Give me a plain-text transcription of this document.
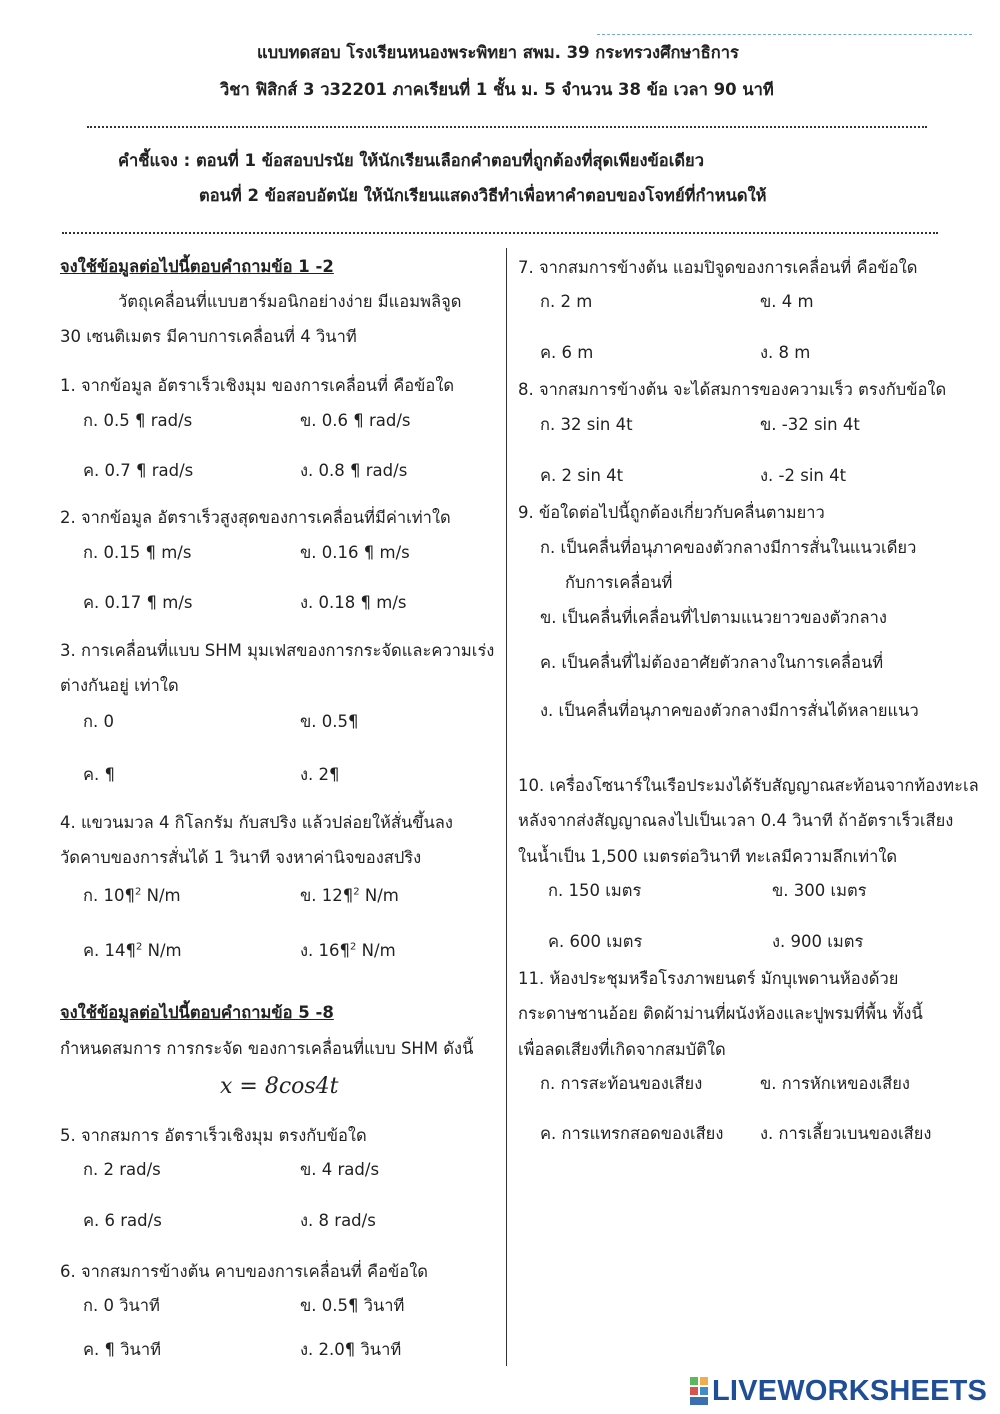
แบบทดสอบ โรงเรียนหนองพระพิทยา สพม. 39 กระทรวงศึกษาธิการ
วิชา ฟิสิกส์ 3 ว32201 ภาคเรียนที่ 1 ชั้น ม. 5 จำนวน 38 ข้อ เวลา 90 นาที
คำชี้แจง : ตอนที่ 1 ข้อสอบปรนัย ให้นักเรียนเลือกคำตอบที่ถูกต้องที่สุดเพียงข้อเดียว
ตอนที่ 2 ข้อสอบอัตนัย ให้นักเรียนแสดงวิธีทำเพื่อหาคำตอบของโจทย์ที่กำหนดให้
จงใช้ข้อมูลต่อไปนี้ตอบคำถามข้อ 1 -2
วัตถุเคลื่อนที่แบบฮาร์มอนิกอย่างง่าย มีแอมพลิจูด
30 เซนติเมตร มีคาบการเคลื่อนที่ 4 วินาที
1. จากข้อมูล อัตราเร็วเชิงมุม ของการเคลื่อนที่ คือข้อใด
ก. 0.5 ¶ rad/s	ข. 0.6 ¶ rad/s
ค. 0.7 ¶ rad/s	ง. 0.8 ¶ rad/s
2. จากข้อมูล อัตราเร็วสูงสุดของการเคลื่อนที่มีค่าเท่าใด
ก. 0.15 ¶ m/s	ข. 0.16 ¶ m/s
ค. 0.17 ¶ m/s	ง. 0.18 ¶ m/s
3. การเคลื่อนที่แบบ SHM มุมเฟสของการกระจัดและความเร่ง
ต่างกันอยู่ เท่าใด
ก. 0	ข. 0.5¶
ค. ¶	ง. 2¶
4. แขวนมวล 4 กิโลกรัม กับสปริง แล้วปล่อยให้สั่นขึ้นลง
วัดคาบของการสั่นได้ 1 วินาที จงหาค่านิจของสปริง
ก. 10¶$^2$ N/m	ข. 12¶$^2$ N/m
ค. 14¶$^2$ N/m	ง. 16¶$^2$ N/m
จงใช้ข้อมูลต่อไปนี้ตอบคำถามข้อ 5 -8
กำหนดสมการ การกระจัด ของการเคลื่อนที่แบบ SHM ดังนี้
x = 8cos4t
5. จากสมการ อัตราเร็วเชิงมุม ตรงกับข้อใด
ก. 2 rad/s	ข. 4 rad/s
ค. 6 rad/s	ง. 8 rad/s
6. จากสมการข้างต้น คาบของการเคลื่อนที่ คือข้อใด
ก. 0 วินาที	ข. 0.5¶ วินาที
ค. ¶ วินาที	ง. 2.0¶ วินาที
7. จากสมการข้างต้น แอมปิจูดของการเคลื่อนที่ คือข้อใด
ก. 2 m	ข. 4 m
ค. 6 m	ง. 8 m
8. จากสมการข้างต้น จะได้สมการของความเร็ว ตรงกับข้อใด
ก. 32 sin 4t	ข. -32 sin 4t
ค. 2 sin 4t	ง. -2 sin 4t
9. ข้อใดต่อไปนี้ถูกต้องเกี่ยวกับคลื่นตามยาว
ก. เป็นคลื่นที่อนุภาคของตัวกลางมีการสั่นในแนวเดียว
กับการเคลื่อนที่
ข. เป็นคลื่นที่เคลื่อนที่ไปตามแนวยาวของตัวกลาง
ค. เป็นคลื่นที่ไม่ต้องอาศัยตัวกลางในการเคลื่อนที่
ง. เป็นคลื่นที่อนุภาคของตัวกลางมีการสั่นได้หลายแนว
10. เครื่องโซนาร์ในเรือประมงได้รับสัญญาณสะท้อนจากท้องทะเล
หลังจากส่งสัญญาณลงไปเป็นเวลา 0.4 วินาที ถ้าอัตราเร็วเสียง
ในน้ำเป็น 1,500 เมตรต่อวินาที ทะเลมีความลึกเท่าใด
ก. 150 เมตร	ข. 300 เมตร
ค. 600 เมตร	ง. 900 เมตร
11. ห้องประชุมหรือโรงภาพยนตร์ มักบุเพดานห้องด้วย
กระดาษชานอ้อย ติดผ้าม่านที่ผนังห้องและปูพรมที่พื้น ทั้งนี้
เพื่อลดเสียงที่เกิดจากสมบัติใด
ก. การสะท้อนของเสียง	ข. การหักเหของเสียง
ค. การแทรกสอดของเสียง ง. การเลี้ยวเบนของเสียง
LIVEWORKSHEETS
